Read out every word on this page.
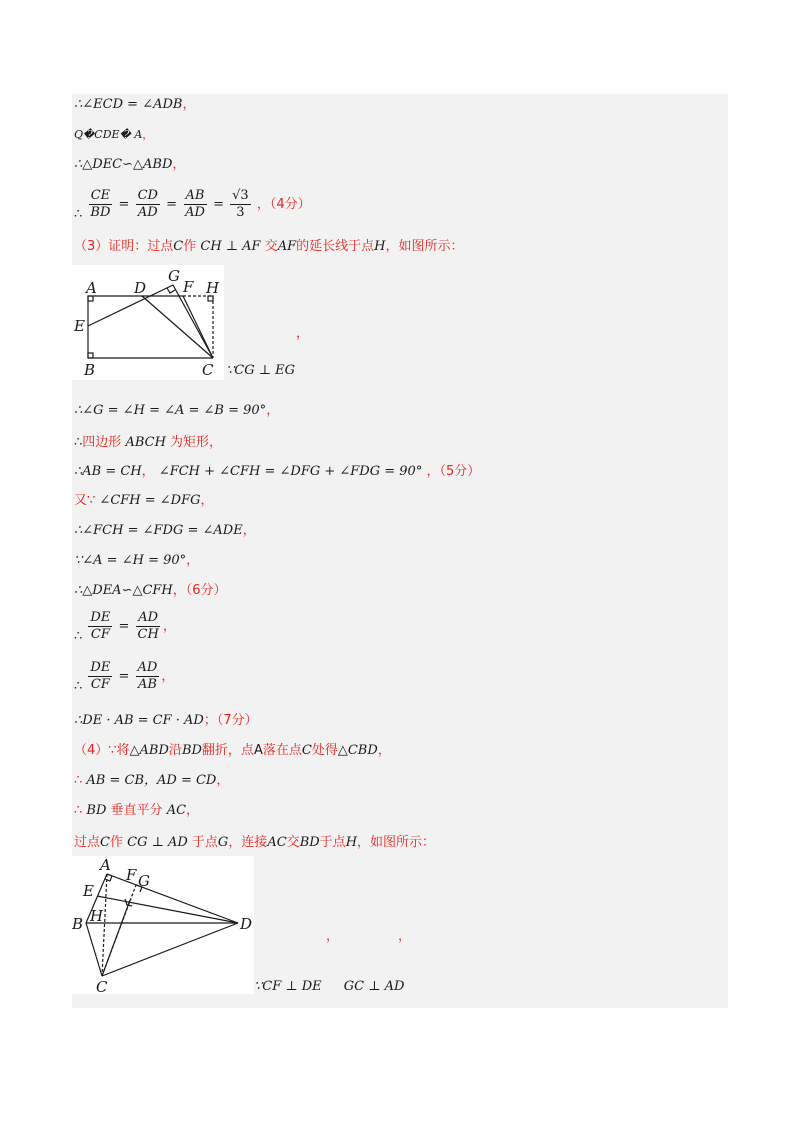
∴∠ECD = ∠ADB，
Q�CDE� A，
∴△DEC∽△ABD，
∴ $\frac{CE}{BD} = \frac{CD}{AD} = \frac{AB}{AD} = \frac{√3}{3}$ ，（4分）
（3）证明：过点C作 CH ⊥ AF 交AF的延长线于点H，如图所示：
A D
G
F H
E
B	C
，
∵CG ⊥ EG
∴∠G = ∠H = ∠A = ∠B = 90°，
∴四边形 ABCH 为矩形，
∴AB = CH， ∠FCH + ∠CFH = ∠DFG + ∠FDG = 90° ，（5分）
又∵ ∠CFH = ∠DFG，
∴∠FCH = ∠FDG = ∠ADE，
∵∠A = ∠H = 90°，
∴△DEA∽△CFH，（6分）
∴ $\frac{DE}{CF} = \frac{AD}{CH}$ ，
∴ $\frac{DE}{CF} = \frac{AD}{AB}$ ，
∴DE · AB = CF · AD；（7分）
（4）∵将△ABD沿BD翻折，点A落在点C处得△CBD，
∴ AB = CB，AD = CD，
∴ BD 垂直平分 AC，
过点C作 CG ⊥ AD 于点G，连接AC交BD于点H，如图所示：
A
F G
E
H
B	D
C
，	，
∵CF ⊥ DE GC ⊥ AD
